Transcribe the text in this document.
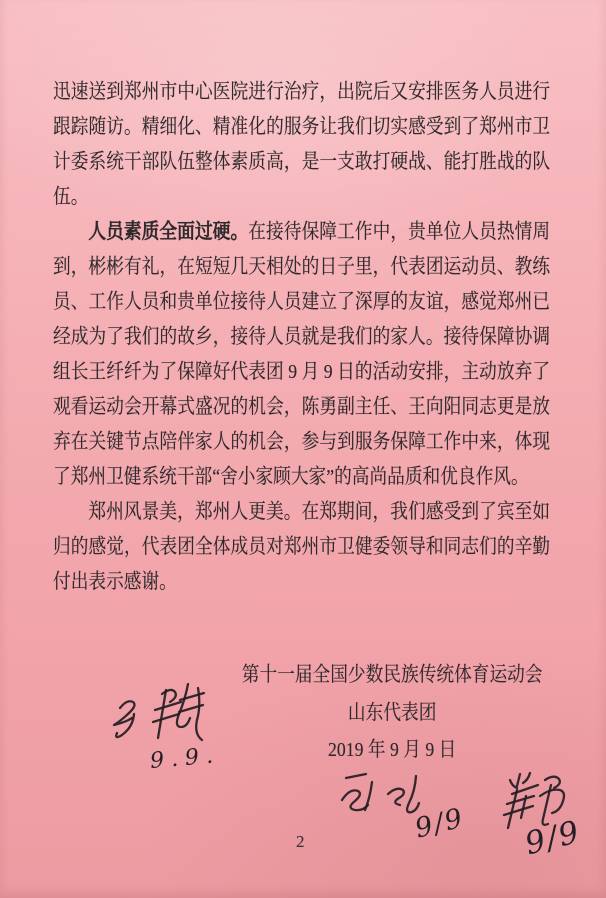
迅速送到郑州市中心医院进行治疗，出院后又安排医务人员进行跟踪随访。精细化、精准化的服务让我们切实感受到了郑州市卫计委系统干部队伍整体素质高，是一支敢打硬战、能打胜战的队伍。

人员素质全面过硬。在接待保障工作中，贵单位人员热情周到，彬彬有礼，在短短几天相处的日子里，代表团运动员、教练员、工作人员和贵单位接待人员建立了深厚的友谊，感觉郑州已经成为了我们的故乡，接待人员就是我们的家人。接待保障协调组长王纤纤为了保障好代表团 9 月 9 日的活动安排，主动放弃了观看运动会开幕式盛况的机会，陈勇副主任、王向阳同志更是放弃在关键节点陪伴家人的机会，参与到服务保障工作中来，体现了郑州卫健系统干部“舍小家顾大家”的高尚品质和优良作风。

郑州风景美，郑州人更美。在郑期间，我们感受到了宾至如归的感觉，代表团全体成员对郑州市卫健委领导和同志们的辛勤付出表示感谢。

第十一届全国少数民族传统体育运动会
山东代表团
2019 年 9 月 9 日
9.9.
9/9 9/9
2
